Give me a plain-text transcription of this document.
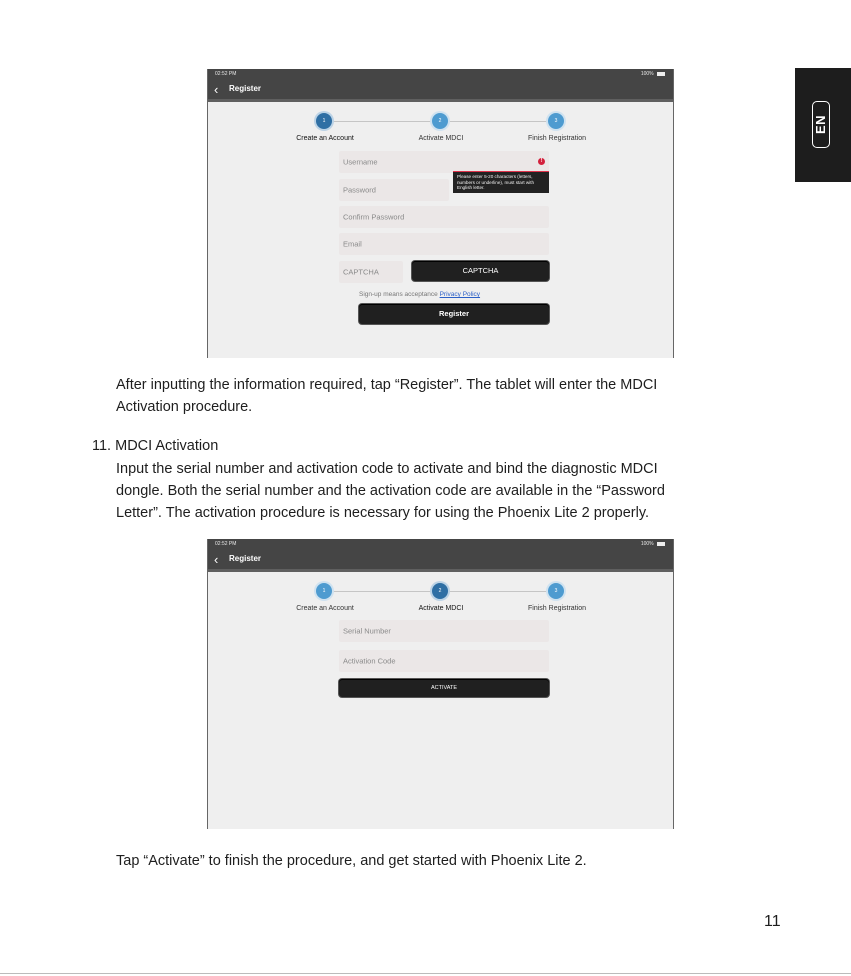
EN
02:52 PM	100%
‹ Register
1	2	3
Create an Account	Activate MDCI	Finish Registration
Username	!
Please enter 5-20 characters (letters, numbers or underline), must start with English letter.
Password
Confirm Password
Email
CAPTCHA	CAPTCHA
Sign-up means acceptance Privacy Policy
Register
After inputting the information required, tap “Register”. The tablet will enter the MDCI
Activation procedure.
11. MDCI Activation
Input the serial number and activation code to activate and bind the diagnostic MDCI
dongle. Both the serial number and the activation code are available in the “Password
Letter”. The activation procedure is necessary for using the Phoenix Lite 2 properly.
02:52 PM	100%
‹ Register
1	2	3
Create an Account	Activate MDCI	Finish Registration
Serial Number
Activation Code
ACTIVATE
Tap “Activate” to finish the procedure, and get started with Phoenix Lite 2.
11
